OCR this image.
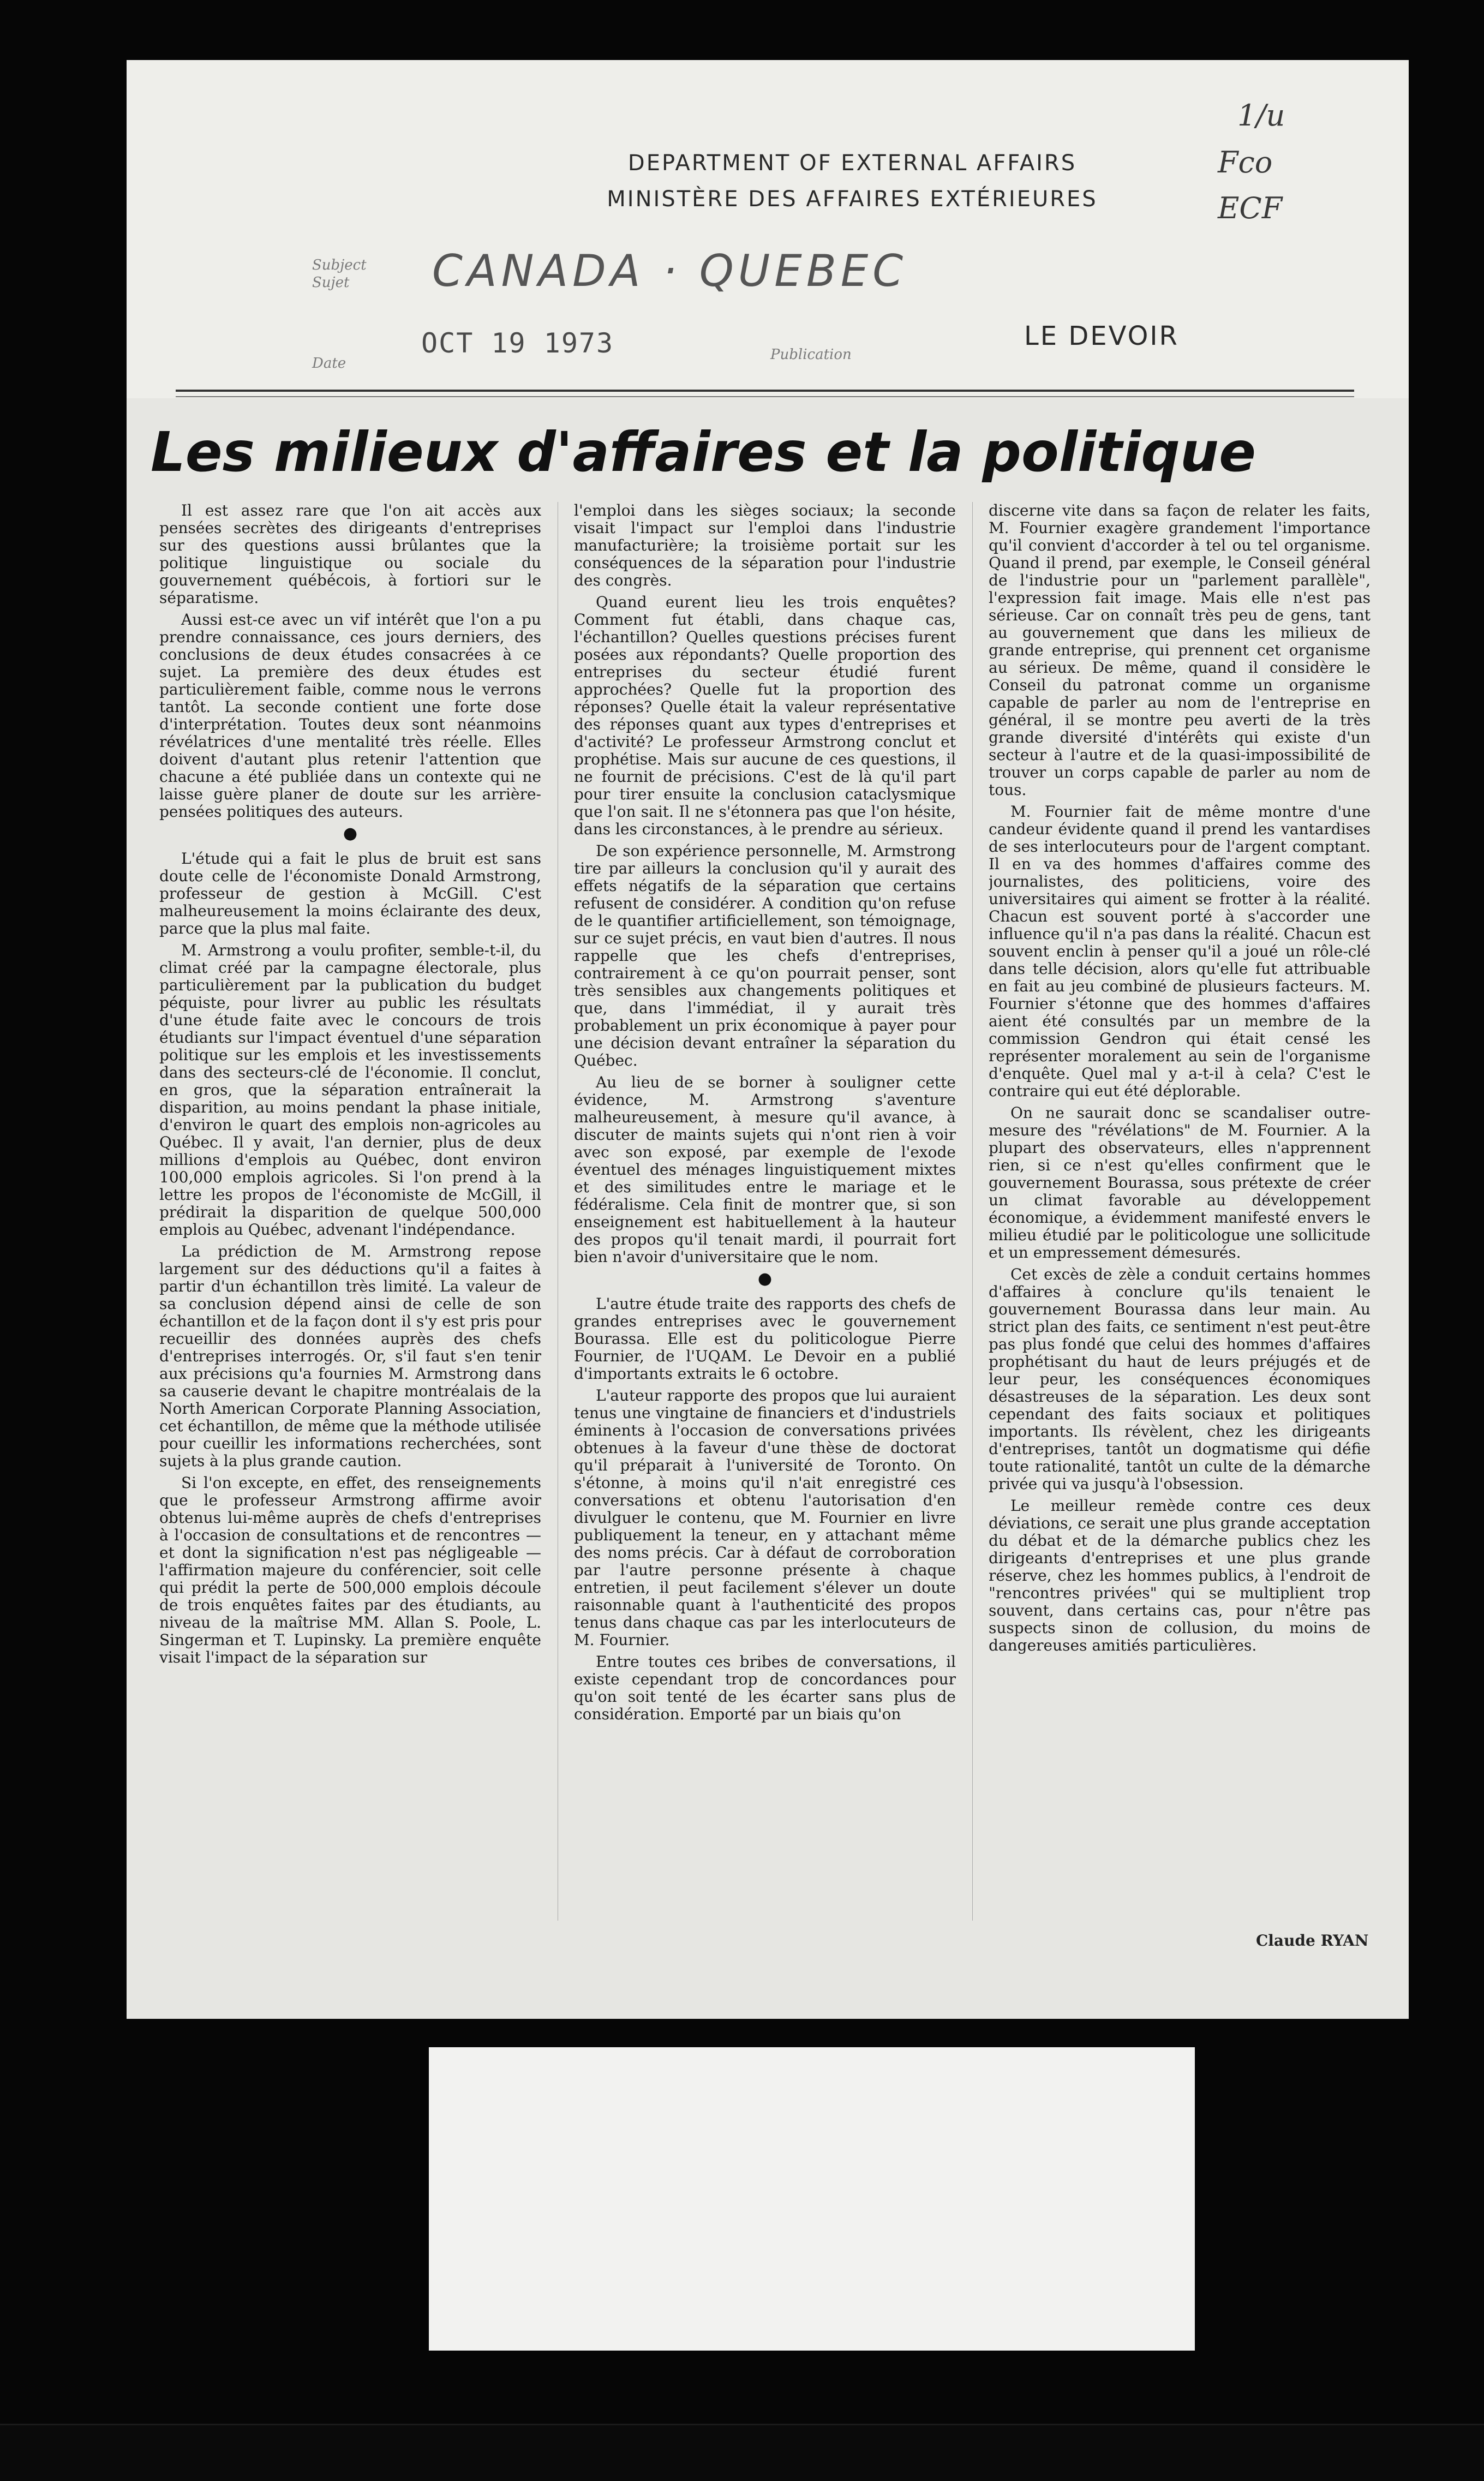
DEPARTMENT OF EXTERNAL AFFAIRS
MINISTÈRE DES AFFAIRES EXTÉRIEURES
1/u
Fco
ECF
Subject
Sujet	CANADA · QUEBEC
Date
OCT 19 1973	Publication
LE DEVOIR
Les milieux d'affaires et la politique

Il est assez rare que l'on ait accès aux pensées secrètes des dirigeants d'entreprises sur des questions aussi brûlantes que la politique linguistique ou sociale du gouvernement québécois, à fortiori sur le séparatisme.

Aussi est-ce avec un vif intérêt que l'on a pu prendre connaissance, ces jours derniers, des conclusions de deux études consacrées à ce sujet. La première des deux études est particulièrement faible, comme nous le verrons tantôt. La seconde contient une forte dose d'interprétation. Toutes deux sont néanmoins révélatrices d'une mentalité très réelle. Elles doivent d'autant plus retenir l'attention que chacune a été publiée dans un contexte qui ne laisse guère planer de doute sur les arrière-pensées politiques des auteurs.

●

L'étude qui a fait le plus de bruit est sans doute celle de l'économiste Donald Armstrong, professeur de gestion à McGill. C'est malheureusement la moins éclairante des deux, parce que la plus mal faite.

M. Armstrong a voulu profiter, semble-t-il, du climat créé par la campagne électorale, plus particulièrement par la publication du budget péquiste, pour livrer au public les résultats d'une étude faite avec le concours de trois étudiants sur l'impact éventuel d'une séparation politique sur les emplois et les investissements dans des secteurs-clé de l'économie. Il conclut, en gros, que la séparation entraînerait la disparition, au moins pendant la phase initiale, d'environ le quart des emplois non-agricoles au Québec. Il y avait, l'an dernier, plus de deux millions d'emplois au Québec, dont environ 100,000 emplois agricoles. Si l'on prend à la lettre les propos de l'économiste de McGill, il prédirait la disparition de quelque 500,000 emplois au Québec, advenant l'indépendance.

La prédiction de M. Armstrong repose largement sur des déductions qu'il a faites à partir d'un échantillon très limité. La valeur de sa conclusion dépend ainsi de celle de son échantillon et de la façon dont il s'y est pris pour recueillir des données auprès des chefs d'entreprises interrogés. Or, s'il faut s'en tenir aux précisions qu'a fournies M. Armstrong dans sa causerie devant le chapitre montréalais de la North American Corporate Planning Association, cet échantillon, de même que la méthode utilisée pour cueillir les informations recherchées, sont sujets à la plus grande caution.

Si l'on excepte, en effet, des renseignements que le professeur Armstrong affirme avoir obtenus lui-même auprès de chefs d'entreprises à l'occasion de consultations et de rencontres — et dont la signification n'est pas négligeable — l'affirmation majeure du conférencier, soit celle qui prédit la perte de 500,000 emplois découle de trois enquêtes faites par des étudiants, au niveau de la maîtrise MM. Allan S. Poole, L. Singerman et T. Lupinsky. La première enquête visait l'impact de la séparation sur

l'emploi dans les sièges sociaux; la seconde visait l'impact sur l'emploi dans l'industrie manufacturière; la troisième portait sur les conséquences de la séparation pour l'industrie des congrès.

Quand eurent lieu les trois enquêtes? Comment fut établi, dans chaque cas, l'échantillon? Quelles questions précises furent posées aux répondants? Quelle proportion des entreprises du secteur étudié furent approchées? Quelle fut la proportion des réponses? Quelle était la valeur représentative des réponses quant aux types d'entreprises et d'activité? Le professeur Armstrong conclut et prophétise. Mais sur aucune de ces questions, il ne fournit de précisions. C'est de là qu'il part pour tirer ensuite la conclusion cataclysmique que l'on sait. Il ne s'étonnera pas que l'on hésite, dans les circonstances, à le prendre au sérieux.

De son expérience personnelle, M. Armstrong tire par ailleurs la conclusion qu'il y aurait des effets négatifs de la séparation que certains refusent de considérer. A condition qu'on refuse de le quantifier artificiellement, son témoignage, sur ce sujet précis, en vaut bien d'autres. Il nous rappelle que les chefs d'entreprises, contrairement à ce qu'on pourrait penser, sont très sensibles aux changements politiques et que, dans l'immédiat, il y aurait très probablement un prix économique à payer pour une décision devant entraîner la séparation du Québec.

Au lieu de se borner à souligner cette évidence, M. Armstrong s'aventure malheureusement, à mesure qu'il avance, à discuter de maints sujets qui n'ont rien à voir avec son exposé, par exemple de l'exode éventuel des ménages linguistiquement mixtes et des similitudes entre le mariage et le fédéralisme. Cela finit de montrer que, si son enseignement est habituellement à la hauteur des propos qu'il tenait mardi, il pourrait fort bien n'avoir d'universitaire que le nom.

●

L'autre étude traite des rapports des chefs de grandes entreprises avec le gouvernement Bourassa. Elle est du politicologue Pierre Fournier, de l'UQAM. Le Devoir en a publié d'importants extraits le 6 octobre.

L'auteur rapporte des propos que lui auraient tenus une vingtaine de financiers et d'industriels éminents à l'occasion de conversations privées obtenues à la faveur d'une thèse de doctorat qu'il préparait à l'université de Toronto. On s'étonne, à moins qu'il n'ait enregistré ces conversations et obtenu l'autorisation d'en divulguer le contenu, que M. Fournier en livre publiquement la teneur, en y attachant même des noms précis. Car à défaut de corroboration par l'autre personne présente à chaque entretien, il peut facilement s'élever un doute raisonnable quant à l'authenticité des propos tenus dans chaque cas par les interlocuteurs de M. Fournier.

Entre toutes ces bribes de conversations, il existe cependant trop de concordances pour qu'on soit tenté de les écarter sans plus de considération. Emporté par un biais qu'on

discerne vite dans sa façon de relater les faits, M. Fournier exagère grandement l'importance qu'il convient d'accorder à tel ou tel organisme. Quand il prend, par exemple, le Conseil général de l'industrie pour un "parlement parallèle", l'expression fait image. Mais elle n'est pas sérieuse. Car on connaît très peu de gens, tant au gouvernement que dans les milieux de grande entreprise, qui prennent cet organisme au sérieux. De même, quand il considère le Conseil du patronat comme un organisme capable de parler au nom de l'entreprise en général, il se montre peu averti de la très grande diversité d'intérêts qui existe d'un secteur à l'autre et de la quasi-impossibilité de trouver un corps capable de parler au nom de tous.

M. Fournier fait de même montre d'une candeur évidente quand il prend les vantardises de ses interlocuteurs pour de l'argent comptant. Il en va des hommes d'affaires comme des journalistes, des politiciens, voire des universitaires qui aiment se frotter à la réalité. Chacun est souvent porté à s'accorder une influence qu'il n'a pas dans la réalité. Chacun est souvent enclin à penser qu'il a joué un rôle-clé dans telle décision, alors qu'elle fut attribuable en fait au jeu combiné de plusieurs facteurs. M. Fournier s'étonne que des hommes d'affaires aient été consultés par un membre de la commission Gendron qui était censé les représenter moralement au sein de l'organisme d'enquête. Quel mal y a-t-il à cela? C'est le contraire qui eut été déplorable.

On ne saurait donc se scandaliser outre-mesure des "révélations" de M. Fournier. A la plupart des observateurs, elles n'apprennent rien, si ce n'est qu'elles confirment que le gouvernement Bourassa, sous prétexte de créer un climat favorable au développement économique, a évidemment manifesté envers le milieu étudié par le politicologue une sollicitude et un empressement démesurés.

Cet excès de zèle a conduit certains hommes d'affaires à conclure qu'ils tenaient le gouvernement Bourassa dans leur main. Au strict plan des faits, ce sentiment n'est peut-être pas plus fondé que celui des hommes d'affaires prophétisant du haut de leurs préjugés et de leur peur, les conséquences économiques désastreuses de la séparation. Les deux sont cependant des faits sociaux et politiques importants. Ils révèlent, chez les dirigeants d'entreprises, tantôt un dogmatisme qui défie toute rationalité, tantôt un culte de la démarche privée qui va jusqu'à l'obsession.

Le meilleur remède contre ces deux déviations, ce serait une plus grande acceptation du débat et de la démarche publics chez les dirigeants d'entreprises et une plus grande réserve, chez les hommes publics, à l'endroit de "rencontres privées" qui se multiplient trop souvent, dans certains cas, pour n'être pas suspects sinon de collusion, du moins de dangereuses amitiés particulières.

Claude RYAN
